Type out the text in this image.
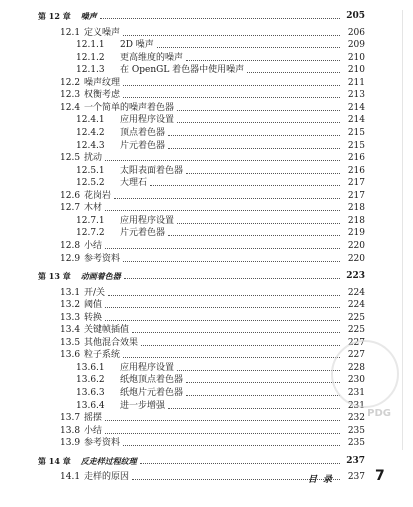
第 12 章	噪声	205
12.1 定义噪声	206
12.1.1	2D 噪声	209
12.1.2	更高维度的噪声	210
12.1.3	在 OpenGL 着色器中使用噪声	210
12.2 噪声纹理	211
12.3 权衡考虑	213
12.4 一个简单的噪声着色器	214
12.4.1	应用程序设置	214
12.4.2	顶点着色器	215
12.4.3	片元着色器	215
12.5 扰动	216
12.5.1	太阳表面着色器	216
12.5.2	大理石	217
12.6 花岗岩	217
12.7 木材	218
12.7.1	应用程序设置	218
12.7.2	片元着色器	219
12.8 小结	220
12.9 参考资料	220
第 13 章	动画着色器	223
13.1 开/关	224
13.2 阈值	224
13.3 转换	225
13.4 关键帧插值	225
13.5 其他混合效果	227
13.6 粒子系统	227
13.6.1	应用程序设置	228
13.6.2	纸炮顶点着色器	230
13.6.3	纸炮片元着色器	231
13.6.4	进一步增强	231
13.7 摇摆	232
13.8 小结	235
13.9 参考资料	235
第 14 章	反走样过程纹理	237
14.1 走样的原因	237
PDG
目录	7
